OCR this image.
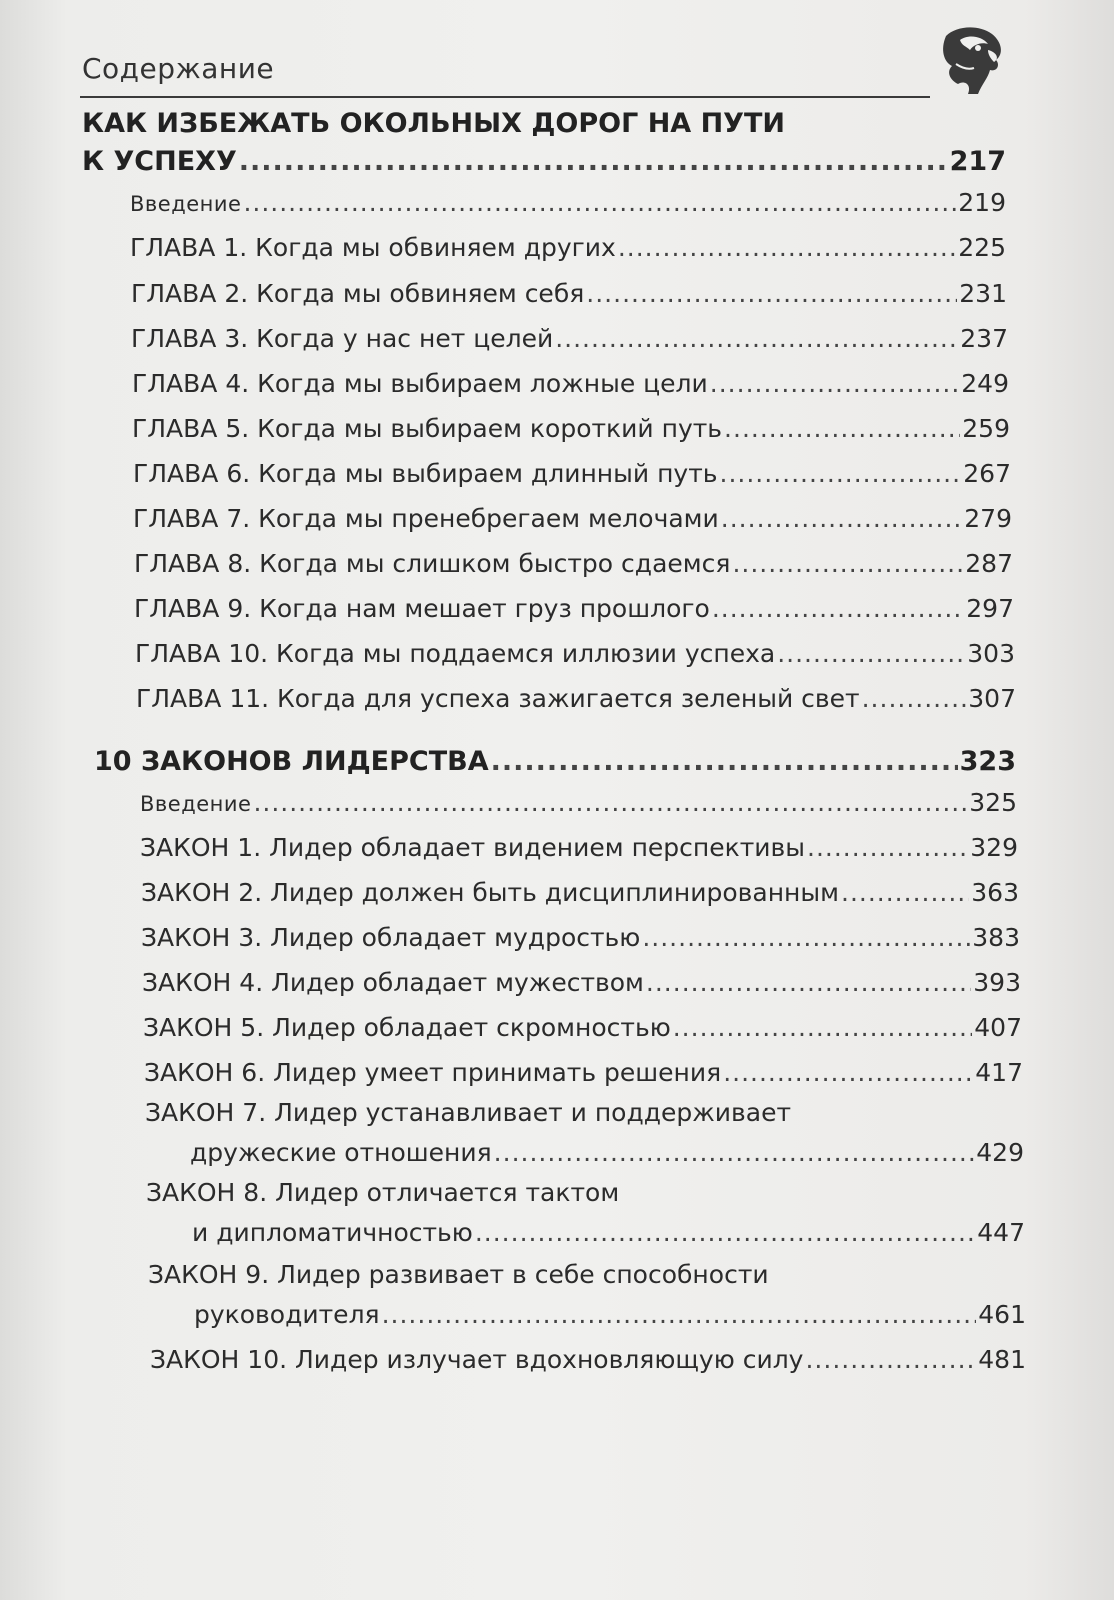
Содержание
КАК ИЗБЕЖАТЬ ОКОЛЬНЫХ ДОРОГ НА ПУТИ
К УСПЕХУ .....	217
Введение .....	219
ГЛАВА 1. Когда мы обвиняем других .....	225
ГЛАВА 2. Когда мы обвиняем себя .....	231
ГЛАВА 3. Когда у нас нет целей .....	237
ГЛАВА 4. Когда мы выбираем ложные цели .....	249
ГЛАВА 5. Когда мы выбираем короткий путь .....	259
ГЛАВА 6. Когда мы выбираем длинный путь .....	267
ГЛАВА 7. Когда мы пренебрегаем мелочами .....	279
ГЛАВА 8. Когда мы слишком быстро сдаемся .....	287
ГЛАВА 9. Когда нам мешает груз прошлого .....	297
ГЛАВА 10. Когда мы поддаемся иллюзии успеха .....	303
ГЛАВА 11. Когда для успеха зажигается зеленый свет .....	307
10 ЗАКОНОВ ЛИДЕРСТВА .....	323
Введение .....	325
ЗАКОН 1. Лидер обладает видением перспективы .....	329
ЗАКОН 2. Лидер должен быть дисциплинированным .....	363
ЗАКОН 3. Лидер обладает мудростью .....	383
ЗАКОН 4. Лидер обладает мужеством .....	393
ЗАКОН 5. Лидер обладает скромностью .....	407
ЗАКОН 6. Лидер умеет принимать решения .....	417
ЗАКОН 7. Лидер устанавливает и поддерживает
дружеские отношения .....	429
ЗАКОН 8. Лидер отличается тактом
и дипломатичностью .....	447
ЗАКОН 9. Лидер развивает в себе способности
руководителя .....	461
ЗАКОН 10. Лидер излучает вдохновляющую силу .....	481
